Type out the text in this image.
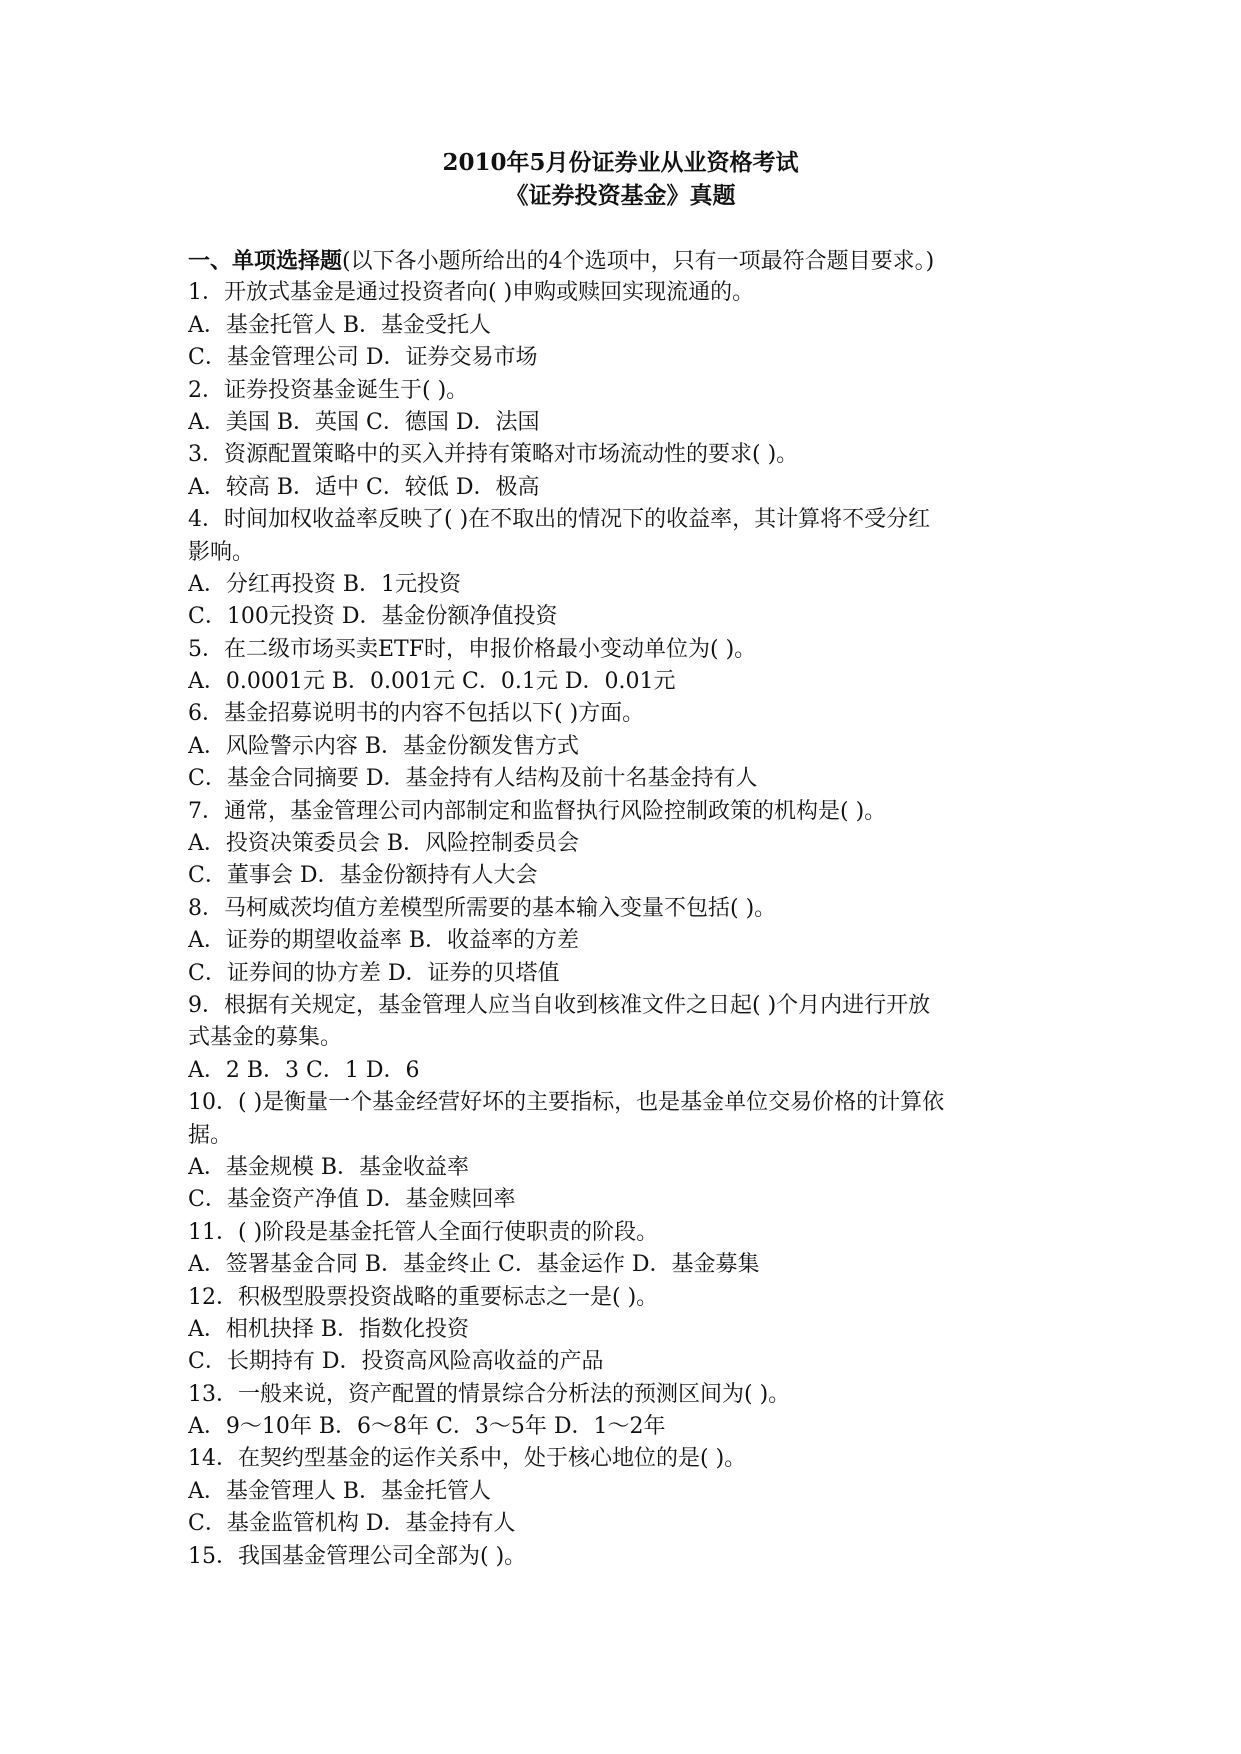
2010年5月份证券业从业资格考试
《证券投资基金》真题
一、单项选择题(以下各小题所给出的4个选项中，只有一项最符合题目要求。)
1．开放式基金是通过投资者向( )申购或赎回实现流通的。
A．基金托管人 B．基金受托人
C．基金管理公司 D．证券交易市场
2．证券投资基金诞生于( )。
A．美国 B．英国 C．德国 D．法国
3．资源配置策略中的买入并持有策略对市场流动性的要求( )。
A．较高 B．适中 C．较低 D．极高
4．时间加权收益率反映了( )在不取出的情况下的收益率，其计算将不受分红
影响。
A．分红再投资 B．1元投资
C．100元投资 D．基金份额净值投资
5．在二级市场买卖ETF时，申报价格最小变动单位为( )。
A．0.0001元 B．0.001元 C．0.1元 D．0.01元
6．基金招募说明书的内容不包括以下( )方面。
A．风险警示内容 B．基金份额发售方式
C．基金合同摘要 D．基金持有人结构及前十名基金持有人
7．通常，基金管理公司内部制定和监督执行风险控制政策的机构是( )。
A．投资决策委员会 B．风险控制委员会
C．董事会 D．基金份额持有人大会
8．马柯威茨均值方差模型所需要的基本输入变量不包括( )。
A．证券的期望收益率 B．收益率的方差
C．证券间的协方差 D．证券的贝塔值
9．根据有关规定，基金管理人应当自收到核准文件之日起( )个月内进行开放
式基金的募集。
A．2 B．3 C．1 D．6
10．( )是衡量一个基金经营好坏的主要指标，也是基金单位交易价格的计算依
据。
A．基金规模 B．基金收益率
C．基金资产净值 D．基金赎回率
11．( )阶段是基金托管人全面行使职责的阶段。
A．签署基金合同 B．基金终止 C．基金运作 D．基金募集
12．积极型股票投资战略的重要标志之一是( )。
A．相机抉择 B．指数化投资
C．长期持有 D．投资高风险高收益的产品
13．一般来说，资产配置的情景综合分析法的预测区间为( )。
A．9～10年 B．6～8年 C．3～5年 D．1～2年
14．在契约型基金的运作关系中，处于核心地位的是( )。
A．基金管理人 B．基金托管人
C．基金监管机构 D．基金持有人
15．我国基金管理公司全部为( )。
